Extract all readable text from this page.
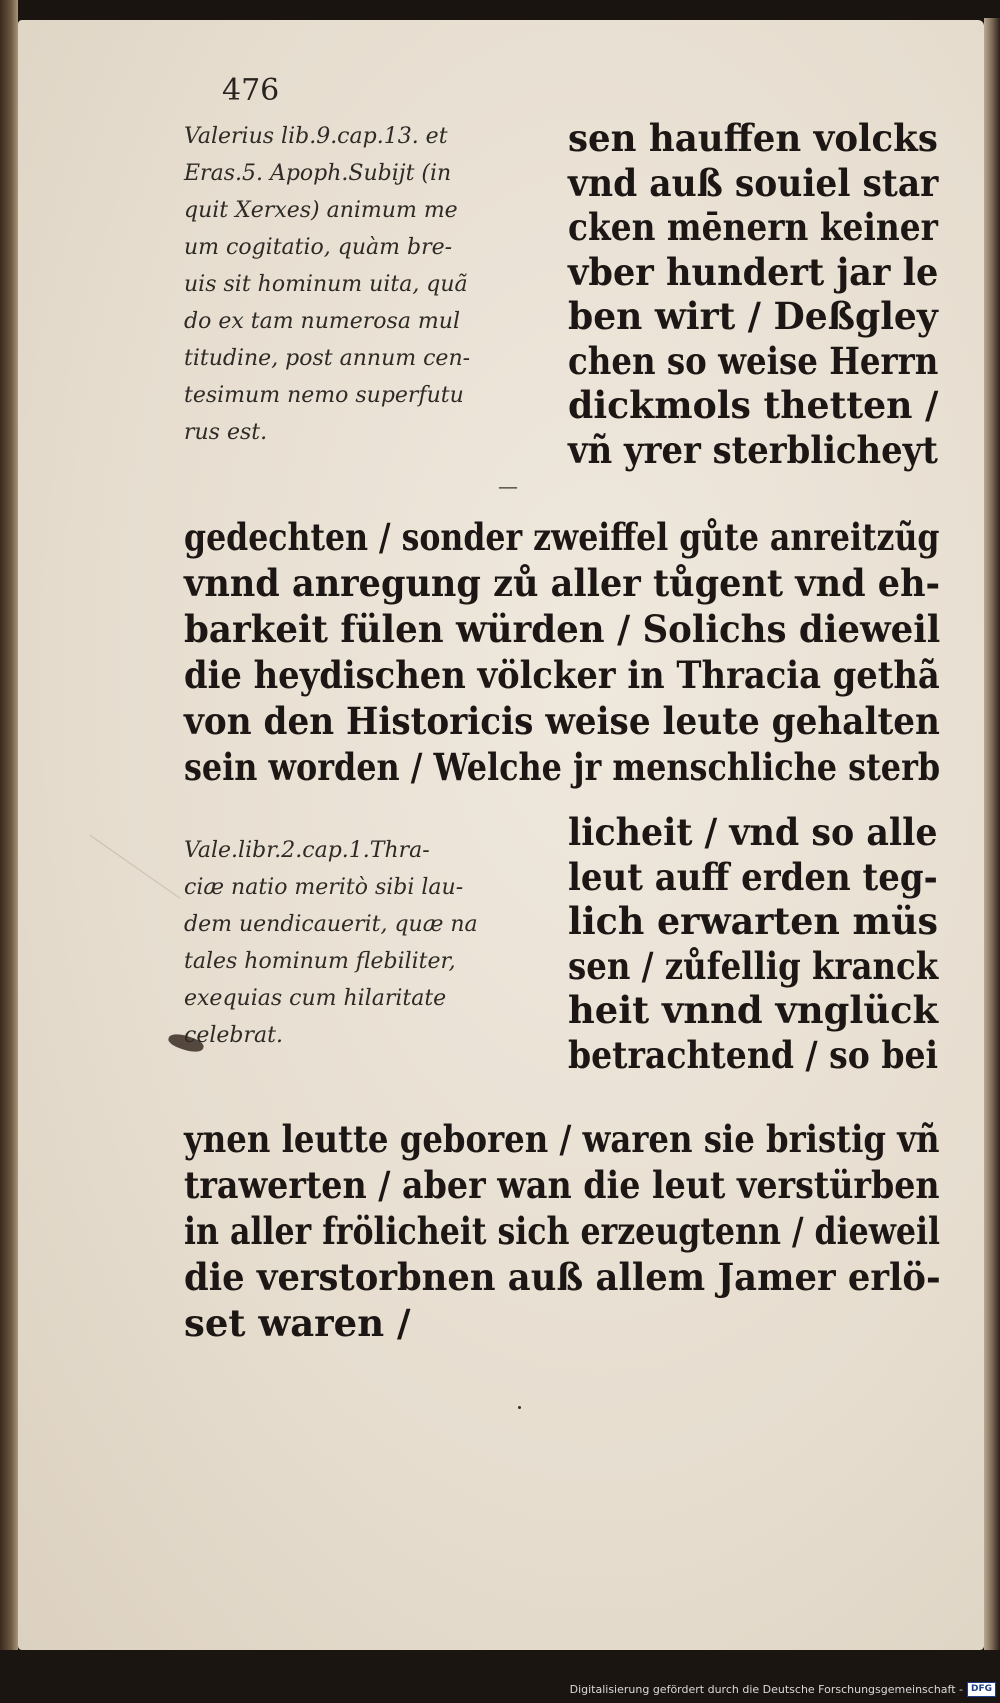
476

Valerius lib.9.cap.13. et
Eras.5. Apoph.Subijt (in
quit Xerxes) animum me
um cogitatio, quàm bre-
uis sit hominum uita, quã
do ex tam numerosa mul
titudine, post annum cen-
tesimum nemo superfutu
rus est.
—
sen hauffen volcks
vnd auß souiel star
cken mēnern keiner
vber hundert jar le
ben wirt / Deßgley
chen so weise Herrn
dickmols thetten /
vñ yrer sterblicheyt
gedechten / sonder zweiffel gůte anreitzũg
vnnd anregung zů aller tůgent vnd eh-
barkeit fülen würden / Solichs dieweil
die heydischen völcker in Thracia gethã
von den Historicis weise leute gehalten
sein worden / Welche jr menschliche sterb
Vale.libr.2.cap.1.Thra-
ciæ natio meritò sibi lau-
dem uendicauerit, quæ na
tales hominum flebiliter,
exequias cum hilaritate
celebrat.
licheit / vnd so alle
leut auff erden teg-
lich erwarten müs
sen / zůfellig kranck
heit vnnd vnglück
betrachtend / so bei
ynen leutte geboren / waren sie bristig vñ
trawerten / aber wan die leut verstürben
in aller frölicheit sich erzeugtenn / dieweil
die verstorbnen auß allem Jamer erlö-
set waren /
Digitalisierung gefördert durch die Deutsche Forschungsgemeinschaft - DFG
